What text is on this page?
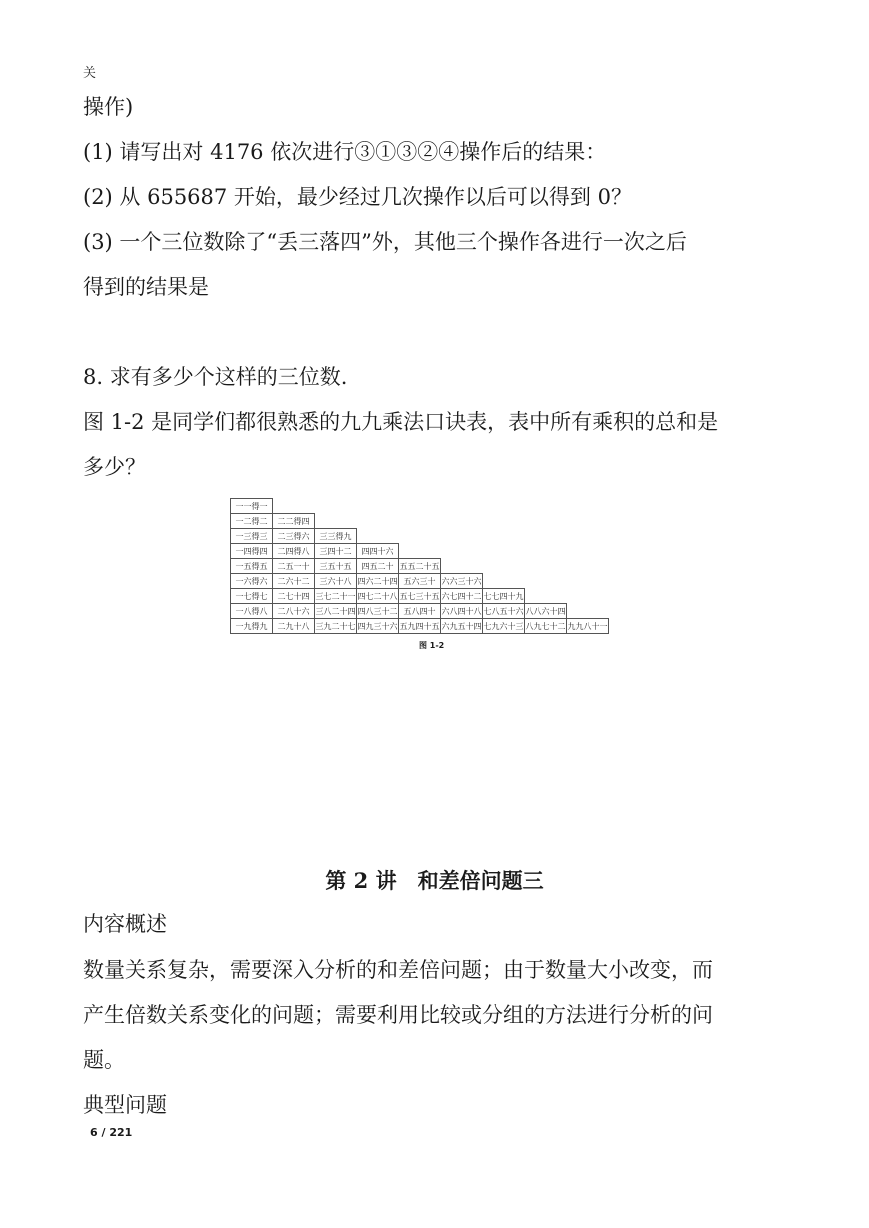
关
操作)
(1) 请写出对 4176 依次进行③①③②④操作后的结果：
(2) 从 655687 开始，最少经过几次操作以后可以得到 0？
(3) 一个三位数除了“丢三落四”外，其他三个操作各进行一次之后
得到的结果是
8. 求有多少个这样的三位数.
图 1-2 是同学们都很熟悉的九九乘法口诀表，表中所有乘积的总和是
多少？
一一得一								
一二得二	二二得四							
一三得三	二三得六	三三得九						
一四得四	二四得八	三四十二	四四十六					
一五得五	二五一十	三五十五	四五二十	五五二十五				
一六得六	二六十二	三六十八	四六二十四	五六三十	六六三十六			
一七得七	二七十四	三七二十一	四七二十八	五七三十五	六七四十二	七七四十九		
一八得八	二八十六	三八二十四	四八三十二	五八四十	六八四十八	七八五十六	八八六十四	
一九得九	二九十八	三九二十七	四九三十六	五九四十五	六九五十四	七九六十三	八九七十二	九九八十一
图 1-2
第 2 讲　和差倍问题三
内容概述
数量关系复杂，需要深入分析的和差倍问题；由于数量大小改变，而
产生倍数关系变化的问题；需要利用比较或分组的方法进行分析的问
题。
典型问题
6 / 221
